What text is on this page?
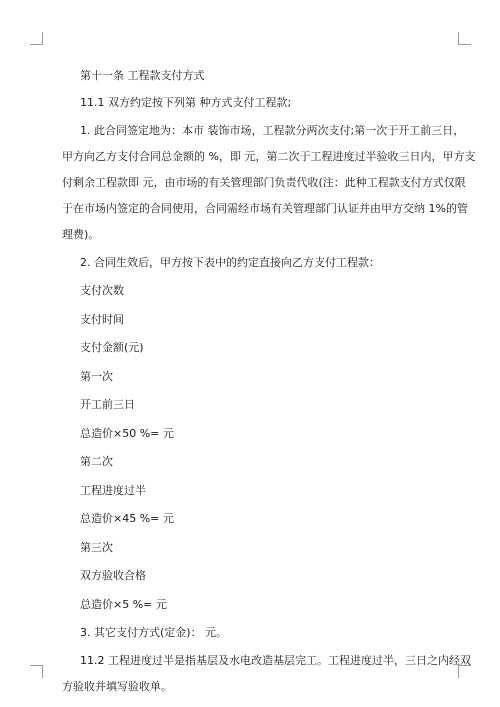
第十一条 工程款支付方式

11.1 双方约定按下列第 种方式支付工程款;

1. 此合同签定地为：本市 装饰市场，工程款分两次支付;第一次于开工前三日，

甲方向乙方支付合同总金额的 %，即 元，第二次于工程进度过半验收三日内，甲方支

付剩余工程款即 元，由市场的有关管理部门负责代收(注：此种工程款支付方式仅限

于在市场内签定的合同使用，合同需经市场有关管理部门认证并由甲方交纳 1%的管

理费)。

2. 合同生效后，甲方按下表中的约定直接向乙方支付工程款：

支付次数

支付时间

支付金额(元)

第一次

开工前三日

总造价×50 %= 元

第二次

工程进度过半

总造价×45 %= 元

第三次

双方验收合格

总造价×5 %= 元

3. 其它支付方式(定金)： 元。

11.2 工程进度过半是指基层及水电改造基层完工。工程进度过半，三日之内经双

方验收并填写验收单。
